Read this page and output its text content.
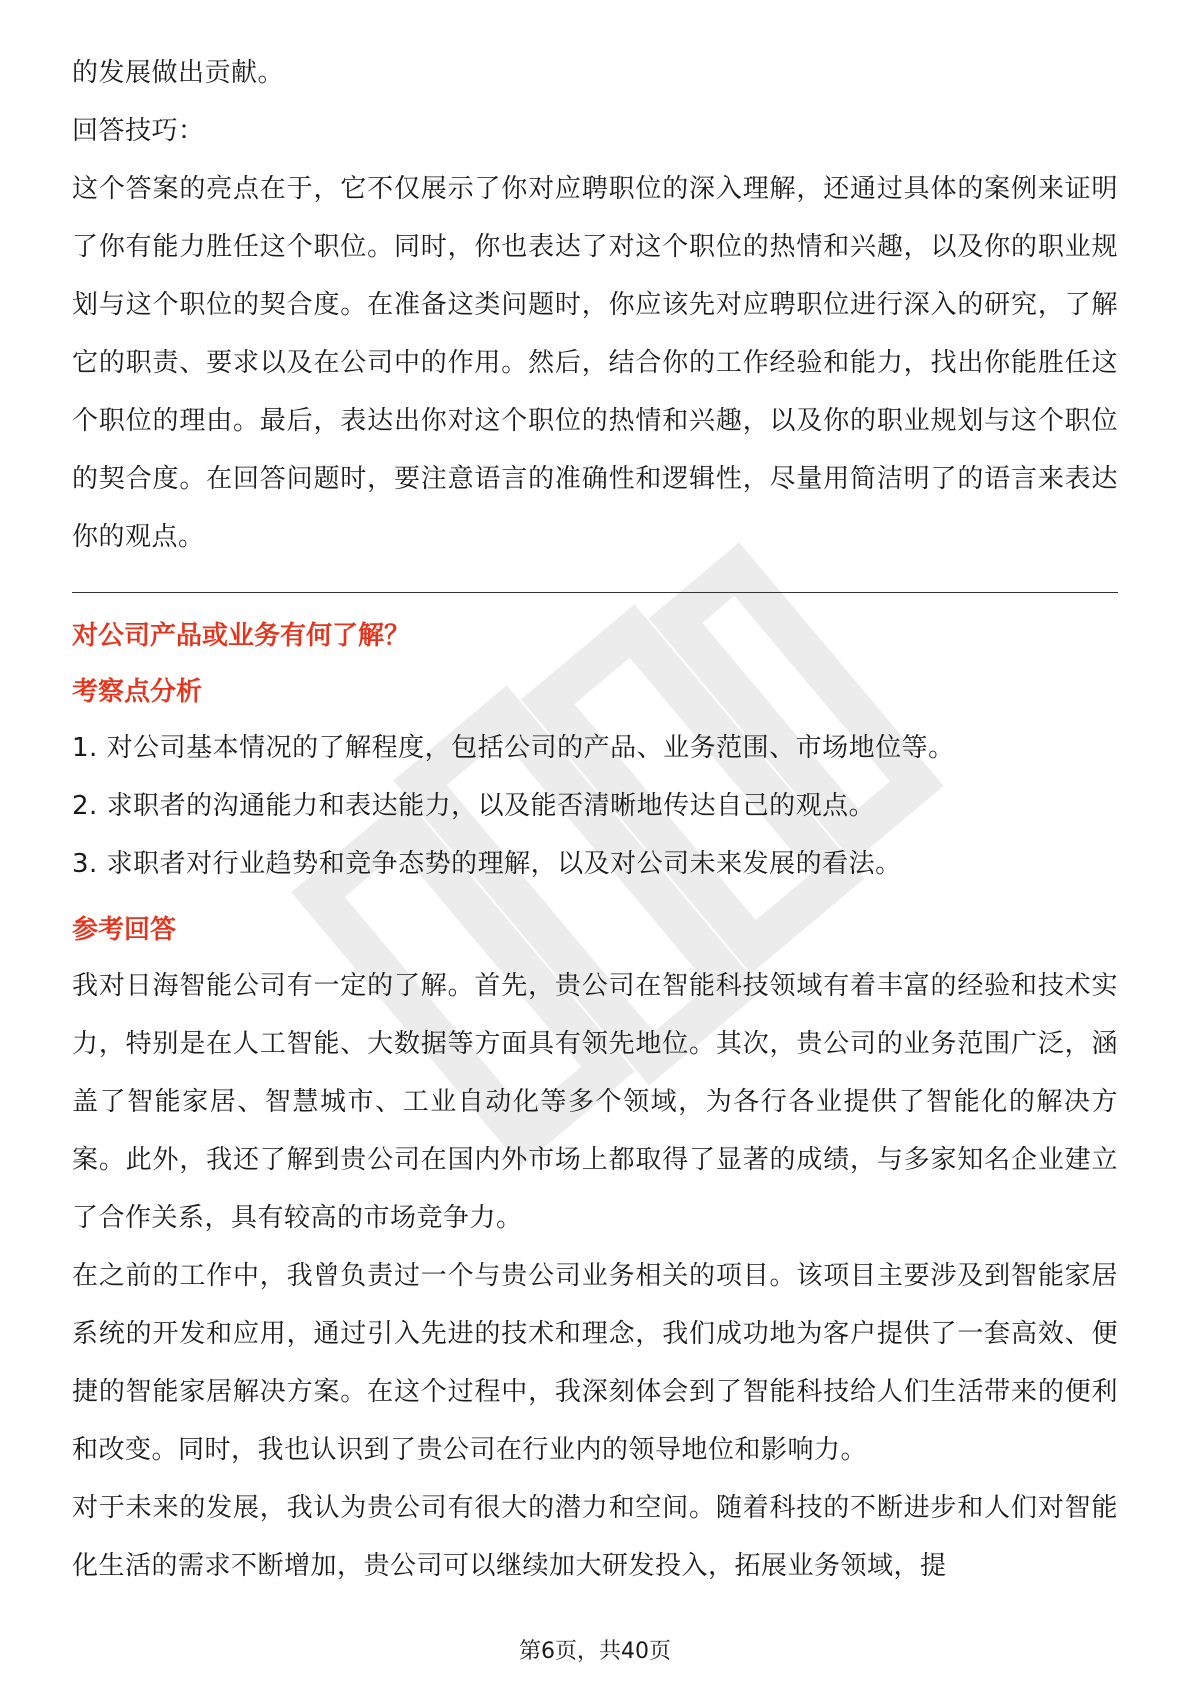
的发展做出贡献。

回答技巧：

这个答案的亮点在于，它不仅展示了你对应聘职位的深入理解，还通过具体的案例来证明了你有能力胜任这个职位。同时，你也表达了对这个职位的热情和兴趣，以及你的职业规划与这个职位的契合度。在准备这类问题时，你应该先对应聘职位进行深入的研究，了解它的职责、要求以及在公司中的作用。然后，结合你的工作经验和能力，找出你能胜任这个职位的理由。最后，表达出你对这个职位的热情和兴趣，以及你的职业规划与这个职位的契合度。在回答问题时，要注意语言的准确性和逻辑性，尽量用简洁明了的语言来表达你的观点。

对公司产品或业务有何了解？
考察点分析

1. 对公司基本情况的了解程度，包括公司的产品、业务范围、市场地位等。

2. 求职者的沟通能力和表达能力，以及能否清晰地传达自己的观点。

3. 求职者对行业趋势和竞争态势的理解，以及对公司未来发展的看法。

参考回答

我对日海智能公司有一定的了解。首先，贵公司在智能科技领域有着丰富的经验和技术实力，特别是在人工智能、大数据等方面具有领先地位。其次，贵公司的业务范围广泛，涵盖了智能家居、智慧城市、工业自动化等多个领域，为各行各业提供了智能化的解决方案。此外，我还了解到贵公司在国内外市场上都取得了显著的成绩，与多家知名企业建立了合作关系，具有较高的市场竞争力。

在之前的工作中，我曾负责过一个与贵公司业务相关的项目。该项目主要涉及到智能家居系统的开发和应用，通过引入先进的技术和理念，我们成功地为客户提供了一套高效、便捷的智能家居解决方案。在这个过程中，我深刻体会到了智能科技给人们生活带来的便利和改变。同时，我也认识到了贵公司在行业内的领导地位和影响力。

对于未来的发展，我认为贵公司有很大的潜力和空间。随着科技的不断进步和人们对智能化生活的需求不断增加，贵公司可以继续加大研发投入，拓展业务领域，提

第6页，共40页
